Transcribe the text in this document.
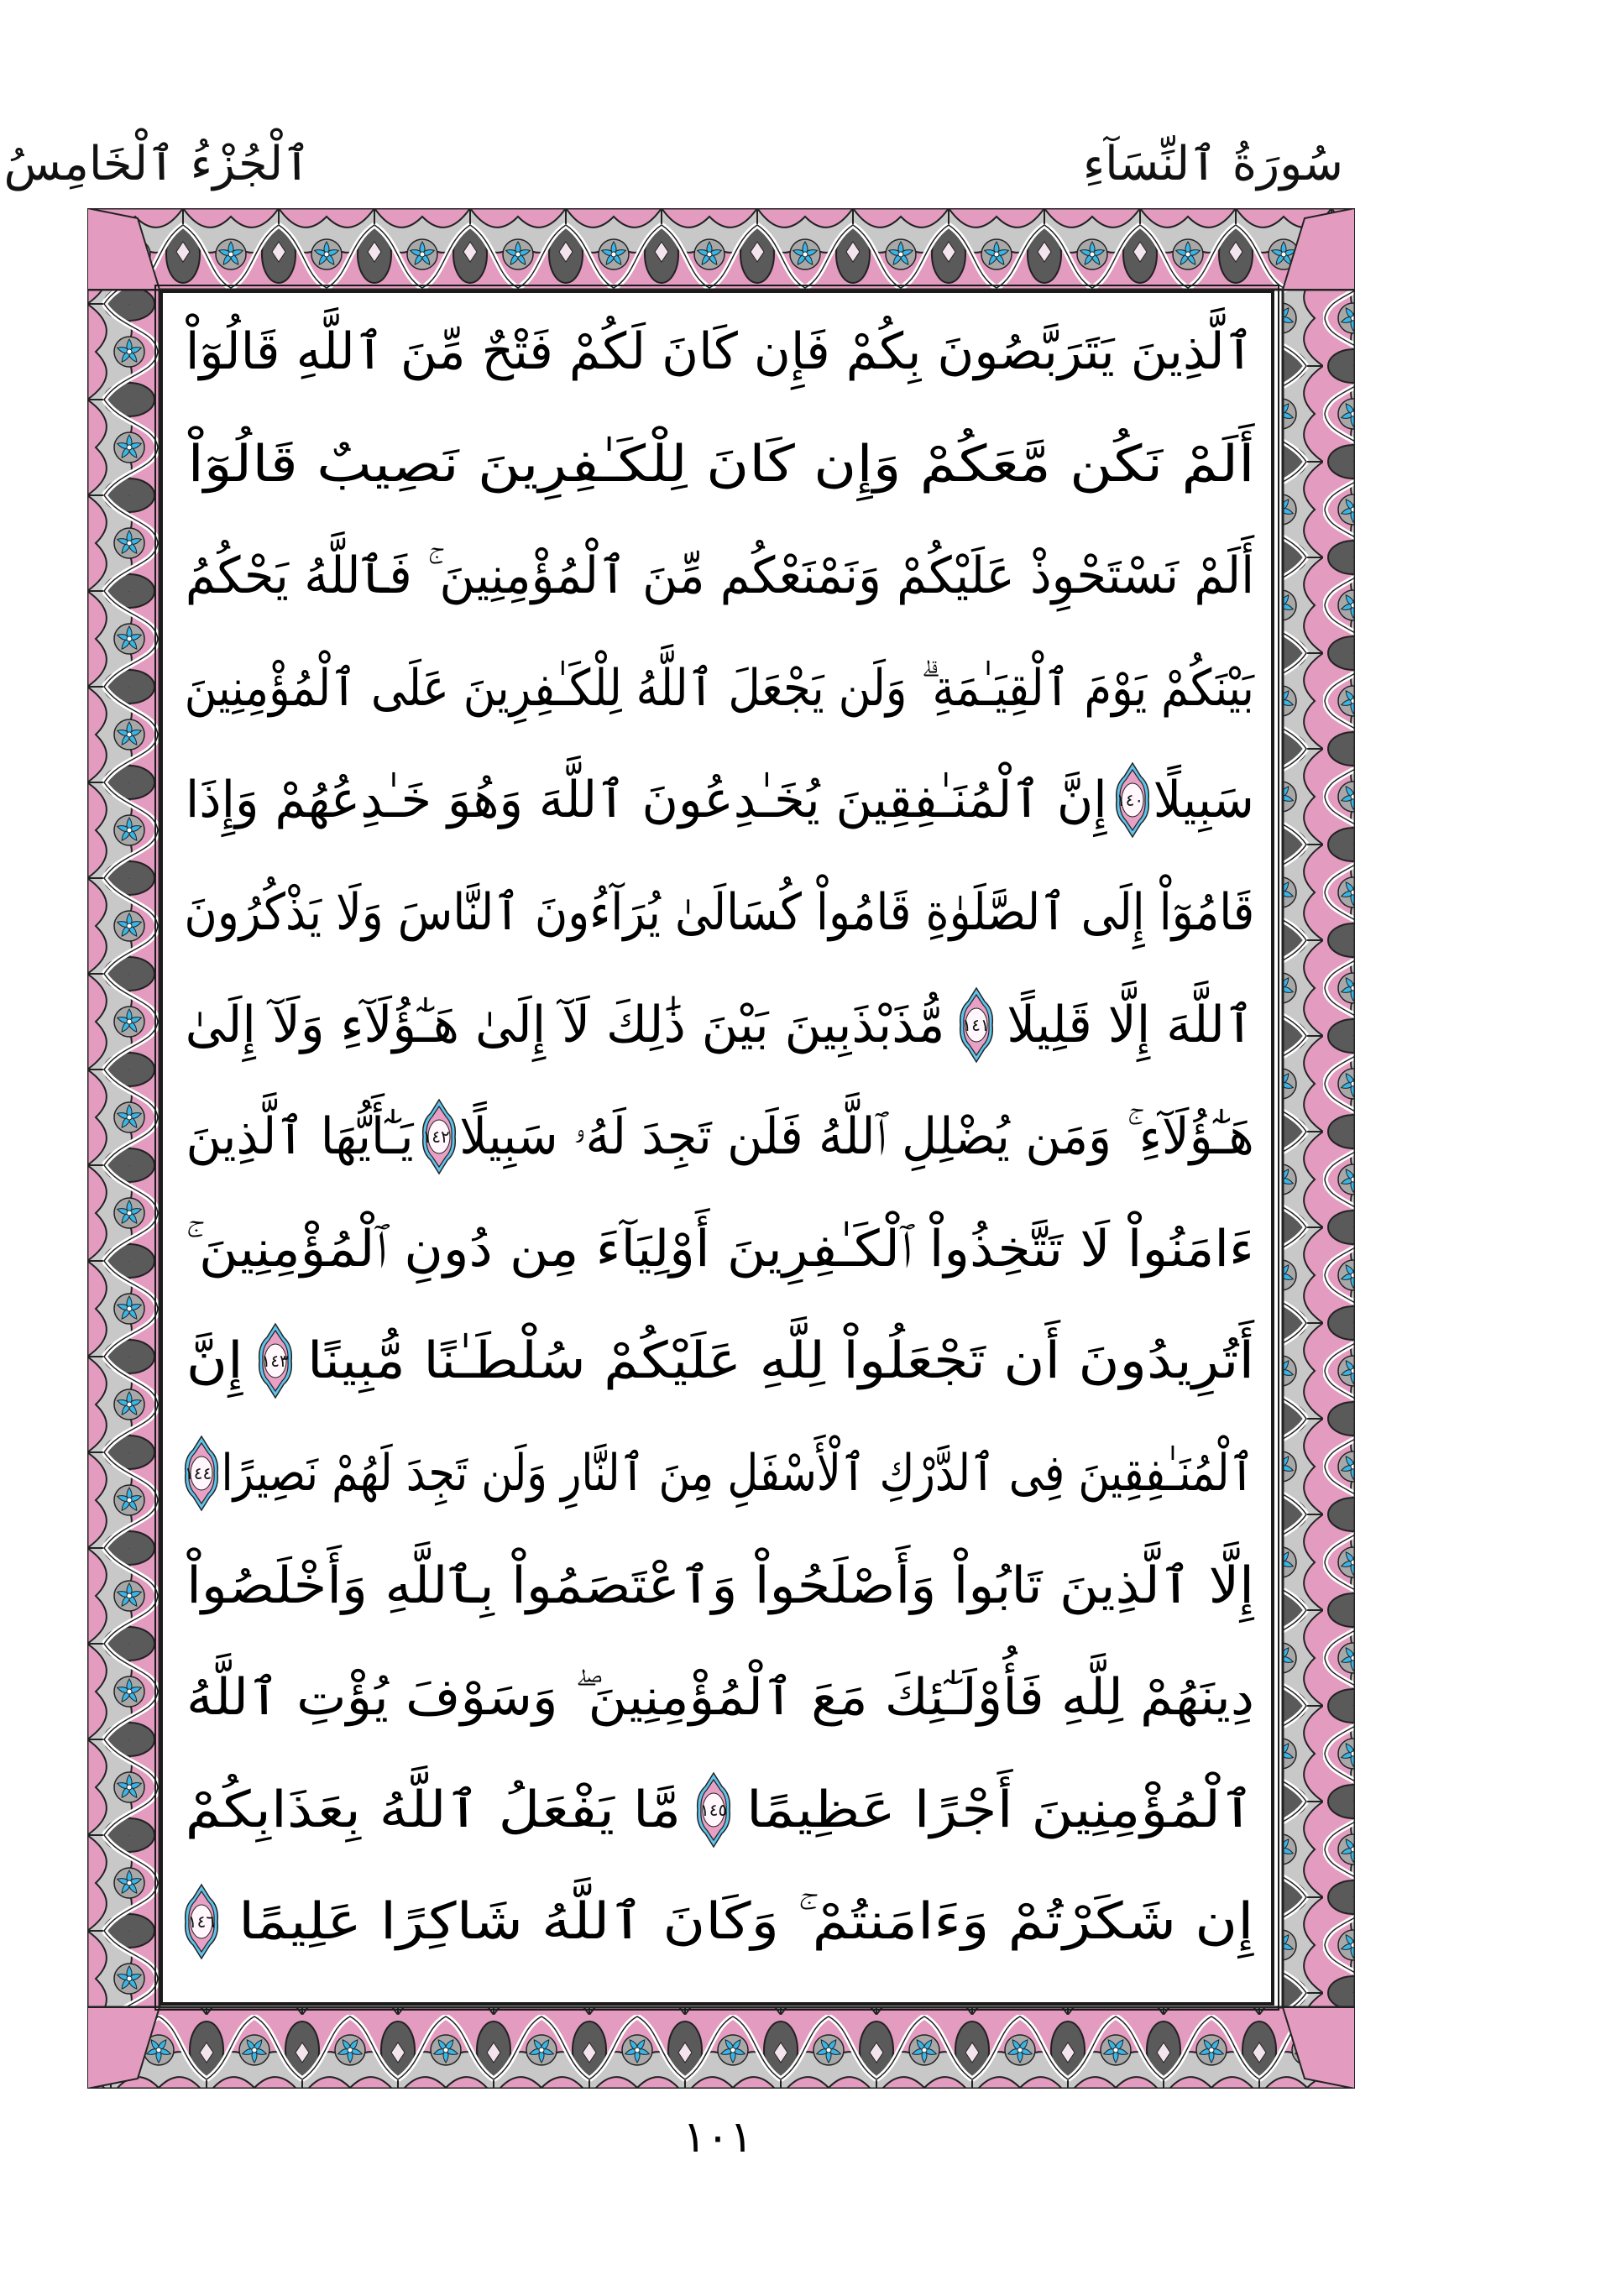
ٱلْجُزْءُ ٱلْخَامِسُ	سُورَةُ ٱلنِّسَآءِ
ٱلَّذِينَ يَتَرَبَّصُونَ بِكُمْ فَإِن كَانَ لَكُمْ فَتْحٌ مِّنَ ٱللَّهِ قَالُوٓاْ
أَلَمْ نَكُن مَّعَكُمْ وَإِن كَانَ لِلْكَـٰفِرِينَ نَصِيبٌ قَالُوٓاْ
أَلَمْ نَسْتَحْوِذْ عَلَيْكُمْ وَنَمْنَعْكُم مِّنَ ٱلْمُؤْمِنِينَ ۚ فَٱللَّهُ يَحْكُمُ
بَيْنَكُمْ يَوْمَ ٱلْقِيَـٰمَةِ ۗ وَلَن يَجْعَلَ ٱللَّهُ لِلْكَـٰفِرِينَ عَلَى ٱلْمُؤْمِنِينَ
سَبِيلًا
١٤٠
إِنَّ ٱلْمُنَـٰفِقِينَ يُخَـٰدِعُونَ ٱللَّهَ وَهُوَ خَـٰدِعُهُمْ وَإِذَا
قَامُوٓاْ إِلَى ٱلصَّلَوٰةِ قَامُواْ كُسَالَىٰ يُرَآءُونَ ٱلنَّاسَ وَلَا يَذْكُرُونَ
ٱللَّهَ إِلَّا قَلِيلًا
١٤١
مُّذَبْذَبِينَ بَيْنَ ذَٰلِكَ لَآ إِلَىٰ هَـٰٓؤُلَآءِ وَلَآ إِلَىٰ
هَـٰٓؤُلَآءِ ۚ وَمَن يُضْلِلِ ٱللَّهُ فَلَن تَجِدَ لَهُۥ سَبِيلًا
١٤٢
يَـٰٓأَيُّهَا ٱلَّذِينَ
ءَامَنُواْ لَا تَتَّخِذُواْ ٱلْكَـٰفِرِينَ أَوْلِيَآءَ مِن دُونِ ٱلْمُؤْمِنِينَ ۚ
أَتُرِيدُونَ أَن تَجْعَلُواْ لِلَّهِ عَلَيْكُمْ سُلْطَـٰنًا مُّبِينًا
١٤٣
إِنَّ
ٱلْمُنَـٰفِقِينَ فِى ٱلدَّرْكِ ٱلْأَسْفَلِ مِنَ ٱلنَّارِ وَلَن تَجِدَ لَهُمْ نَصِيرًا
١٤٤
إِلَّا ٱلَّذِينَ تَابُواْ وَأَصْلَحُواْ وَٱعْتَصَمُواْ بِٱللَّهِ وَأَخْلَصُواْ
دِينَهُمْ لِلَّهِ فَأُوْلَـٰٓئِكَ مَعَ ٱلْمُؤْمِنِينَ ۖ وَسَوْفَ يُؤْتِ ٱللَّهُ
ٱلْمُؤْمِنِينَ أَجْرًا عَظِيمًا
١٤٥
مَّا يَفْعَلُ ٱللَّهُ بِعَذَابِكُمْ
إِن شَكَرْتُمْ وَءَامَنتُمْ ۚ وَكَانَ ٱللَّهُ شَاكِرًا عَلِيمًا
١٤٦
١٠١
